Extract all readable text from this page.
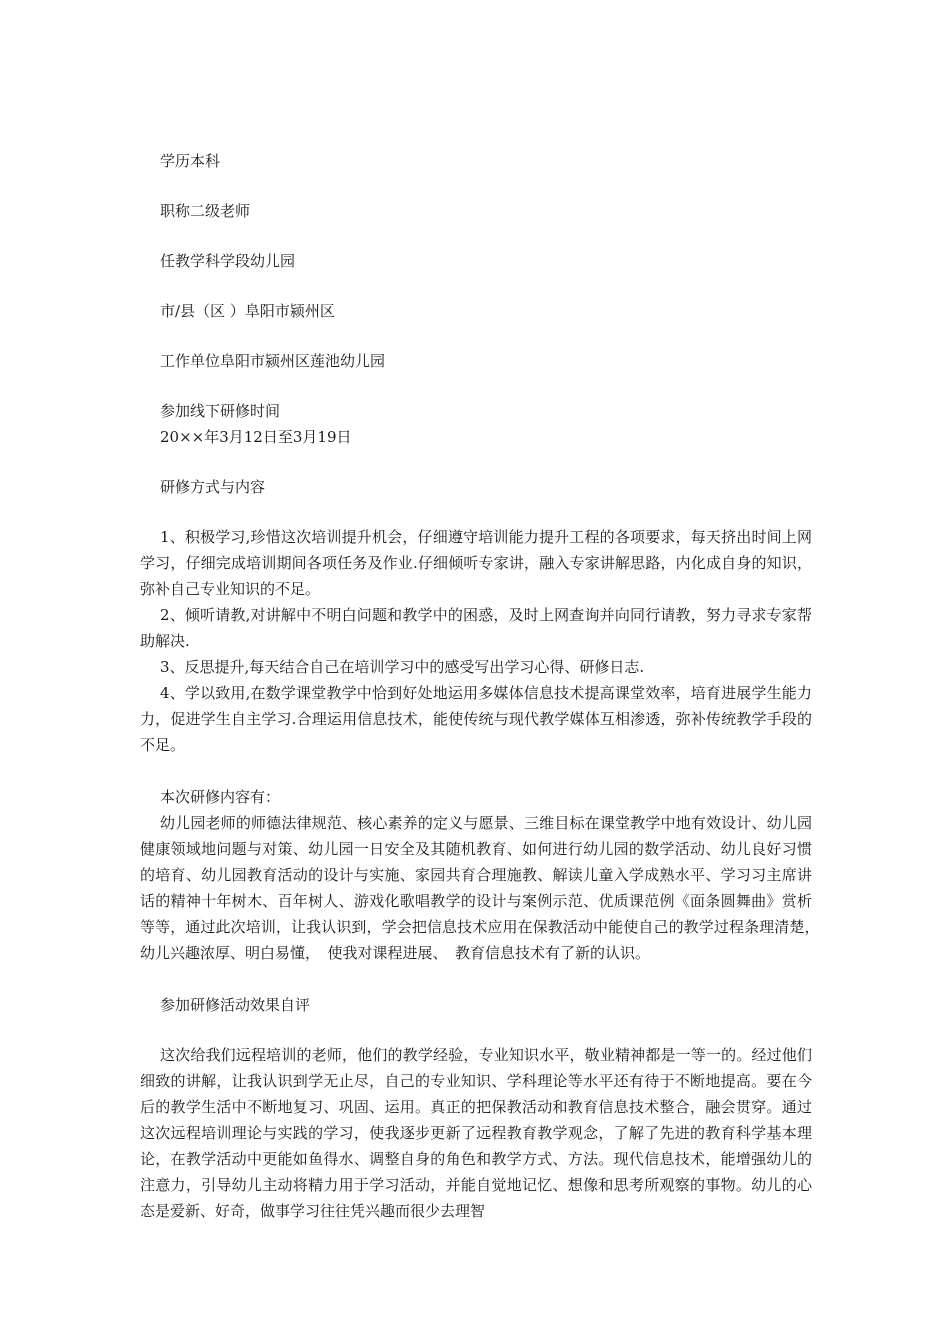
学历本科

职称二级老师

任教学科学段幼儿园

市/县（区 ）阜阳市颍州区

工作单位阜阳市颍州区莲池幼儿园

参加线下研修时间

20××年3月12日至3月19日

研修方式与内容

1、积极学习,珍惜这次培训提升机会，仔细遵守培训能力提升工程的各项要求，每天挤出时间上网学习，仔细完成培训期间各项任务及作业.仔细倾听专家讲，融入专家讲解思路，内化成自身的知识，弥补自己专业知识的不足。

2、倾听请教,对讲解中不明白问题和教学中的困惑，及时上网查询并向同行请教，努力寻求专家帮助解决.

3、反思提升,每天结合自己在培训学习中的感受写出学习心得、研修日志.

4、学以致用,在数学课堂教学中恰到好处地运用多媒体信息技术提高课堂效率，培育进展学生能力力，促进学生自主学习.合理运用信息技术，能使传统与现代教学媒体互相渗透，弥补传统教学手段的不足。

本次研修内容有：

幼儿园老师的师德法律规范、核心素养的定义与愿景、三维目标在课堂教学中地有效设计、幼儿园健康领域地问题与对策、幼儿园一日安全及其随机教育、如何进行幼儿园的数学活动、幼儿良好习惯的培育、幼儿园教育活动的设计与实施、家园共育合理施教、解读儿童入学成熟水平、学习习主席讲话的精神十年树木、百年树人、游戏化歌唱教学的设计与案例示范、优质课范例《面条圆舞曲》赏析等等，通过此次培训，让我认识到，学会把信息技术应用在保教活动中能使自己的教学过程条理清楚，　幼儿兴趣浓厚、明白易懂，　使我对课程进展、　教育信息技术有了新的认识。

参加研修活动效果自评

这次给我们远程培训的老师，他们的教学经验，专业知识水平，敬业精神都是一等一的。经过他们细致的讲解，让我认识到学无止尽，自己的专业知识、学科理论等水平还有待于不断地提高。要在今后的教学生活中不断地复习、巩固、运用。真正的把保教活动和教育信息技术整合，融会贯穿。通过这次远程培训理论与实践的学习，使我逐步更新了远程教育教学观念，了解了先进的教育科学基本理论，在教学活动中更能如鱼得水、调整自身的角色和教学方式、方法。现代信息技术，能增强幼儿的注意力，引导幼儿主动将精力用于学习活动，并能自觉地记忆、想像和思考所观察的事物。幼儿的心态是爱新、好奇，做事学习往往凭兴趣而很少去理智
